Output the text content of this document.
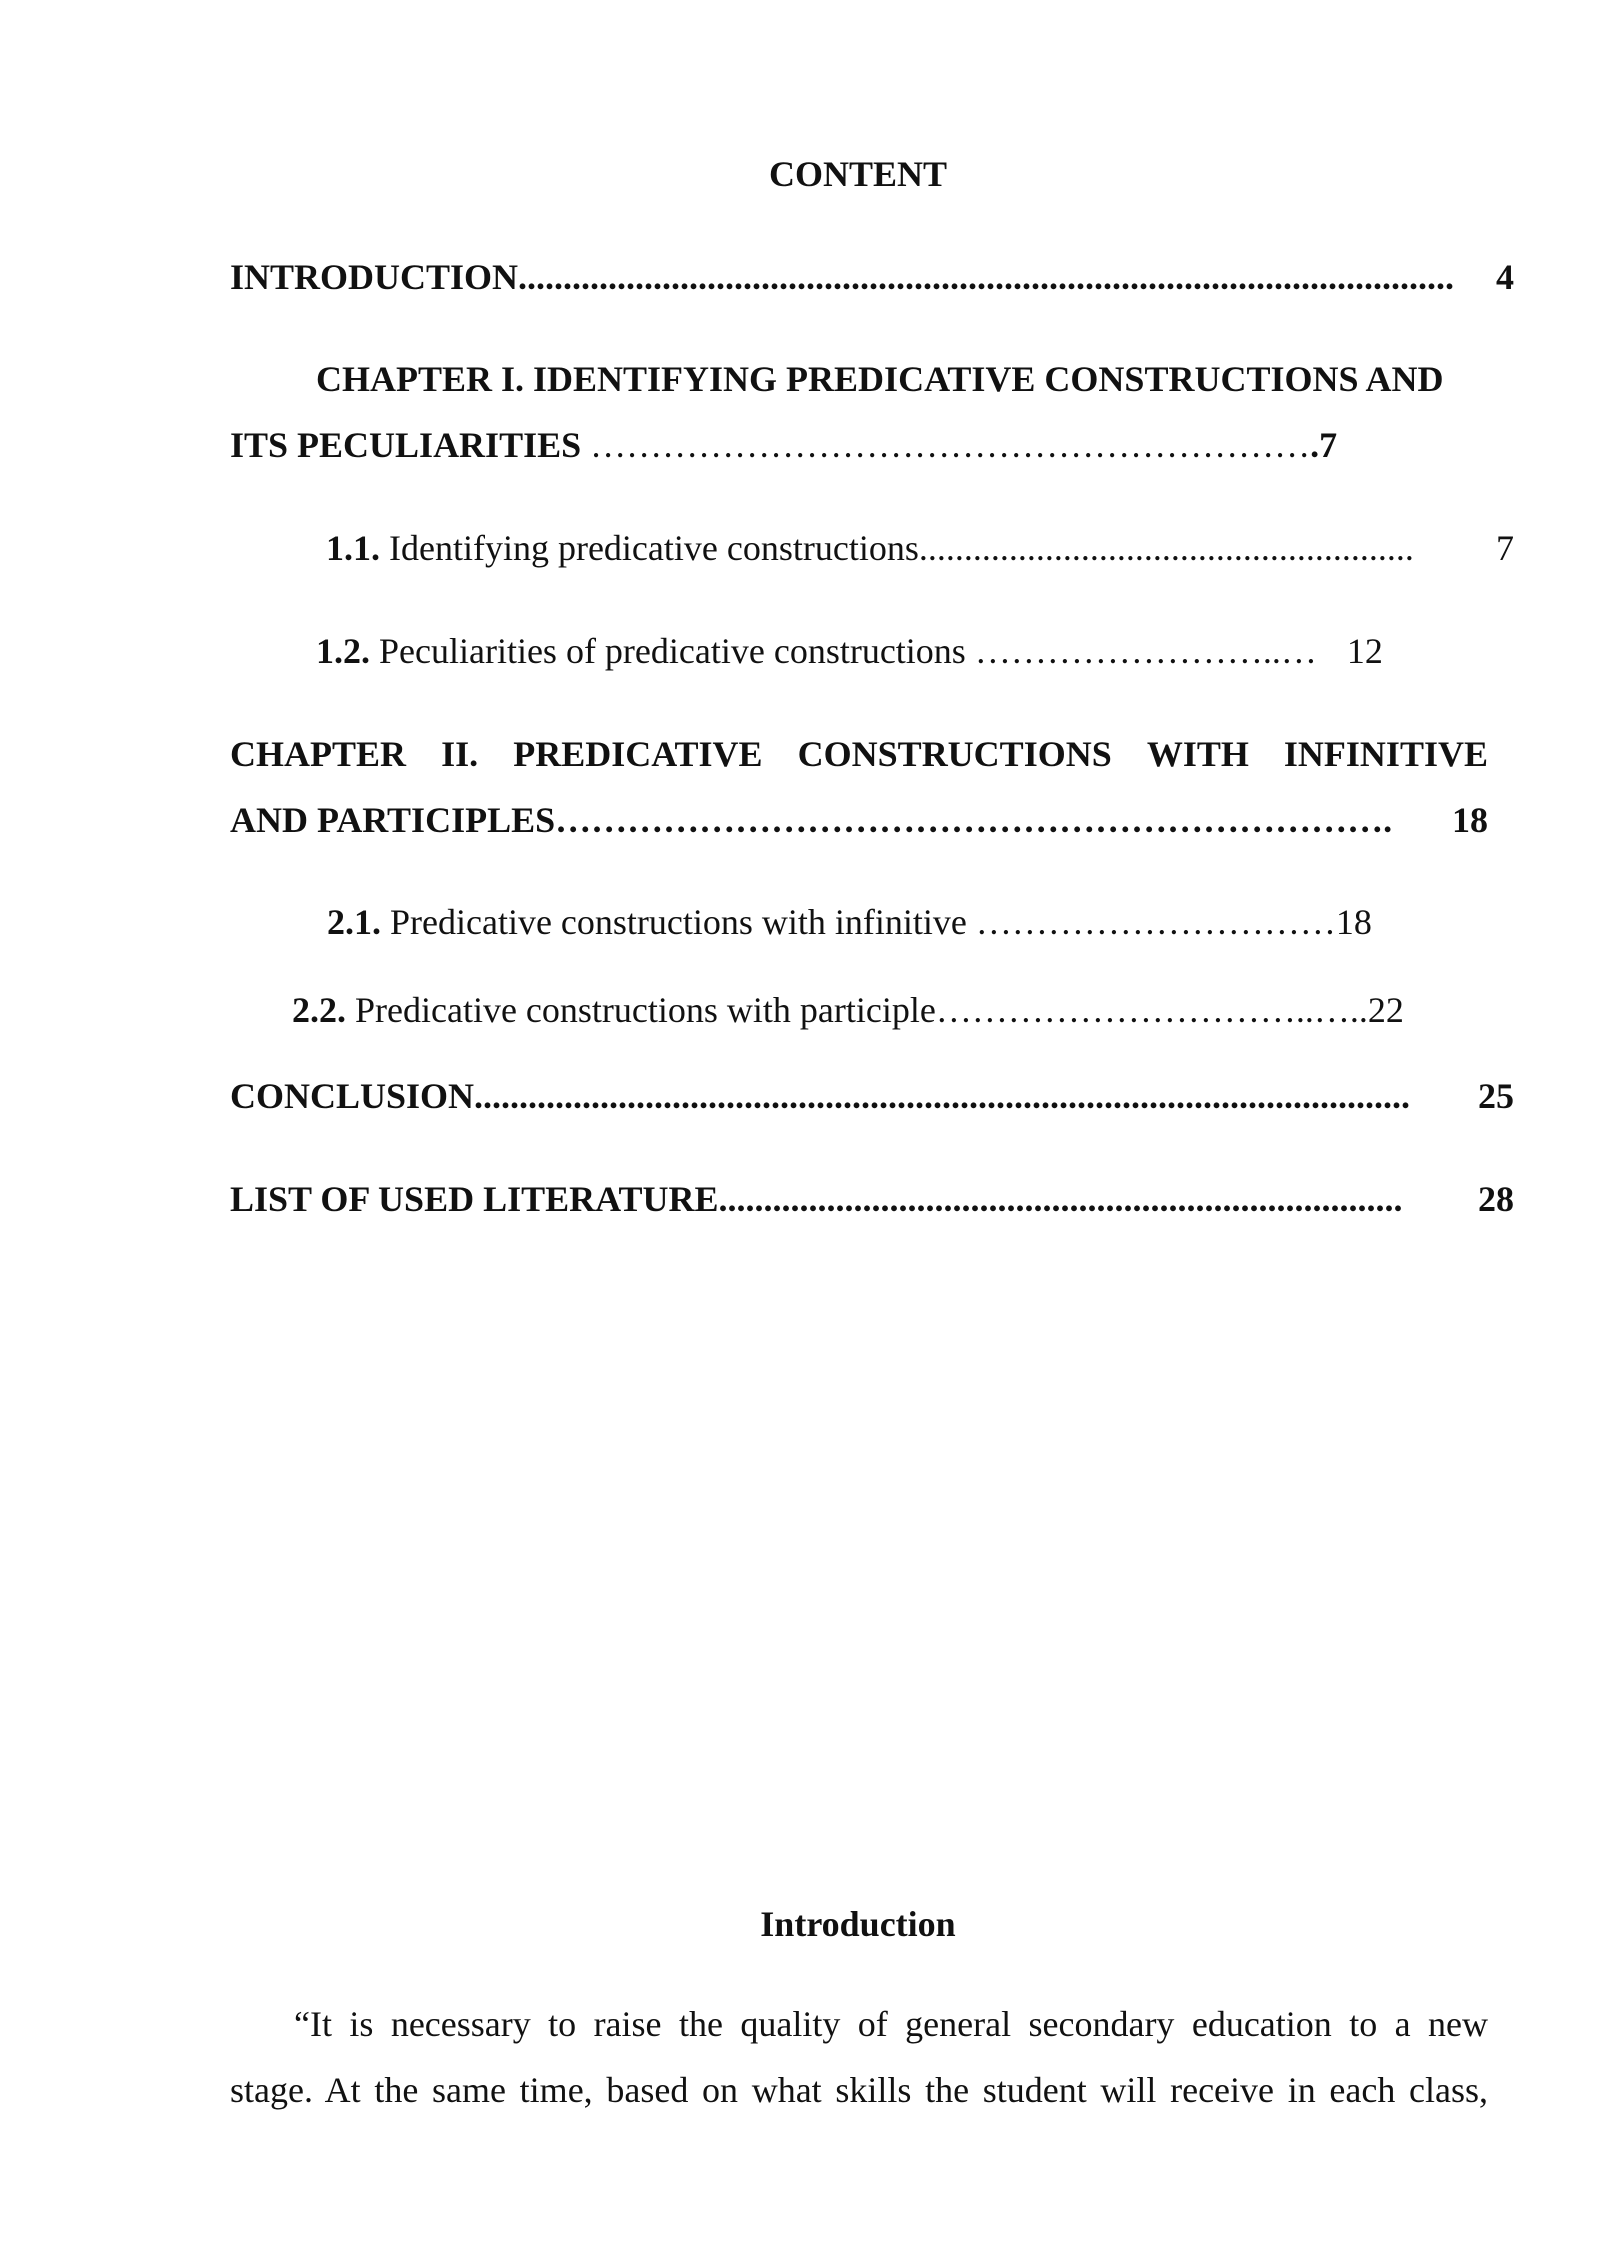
CONTENT
INTRODUCTION ........................................................................................................	4
CHAPTER I. IDENTIFYING PREDICATIVE CONSTRUCTIONS AND
ITS PECULIARITIES …………………………………………………….7
1.1. Identifying predicative constructions .......................................................	7
1.2. Peculiarities of predicative constructions ……………………..… 12
CHAPTER II. PREDICATIVE CONSTRUCTIONS WITH INFINITIVE
AND PARTICIPLES …………………………………………………………….	18
2.1. Predicative constructions with infinitive …………………………18
2.2. Predicative constructions with participle…………………………..…..22
CONCLUSION ........................................................................................................	25
LIST OF USED LITERATURE ............................................................................	28
Introduction
“It is necessary to raise the quality of general secondary education to a new
stage. At the same time, based on what skills the student will receive in each class,
